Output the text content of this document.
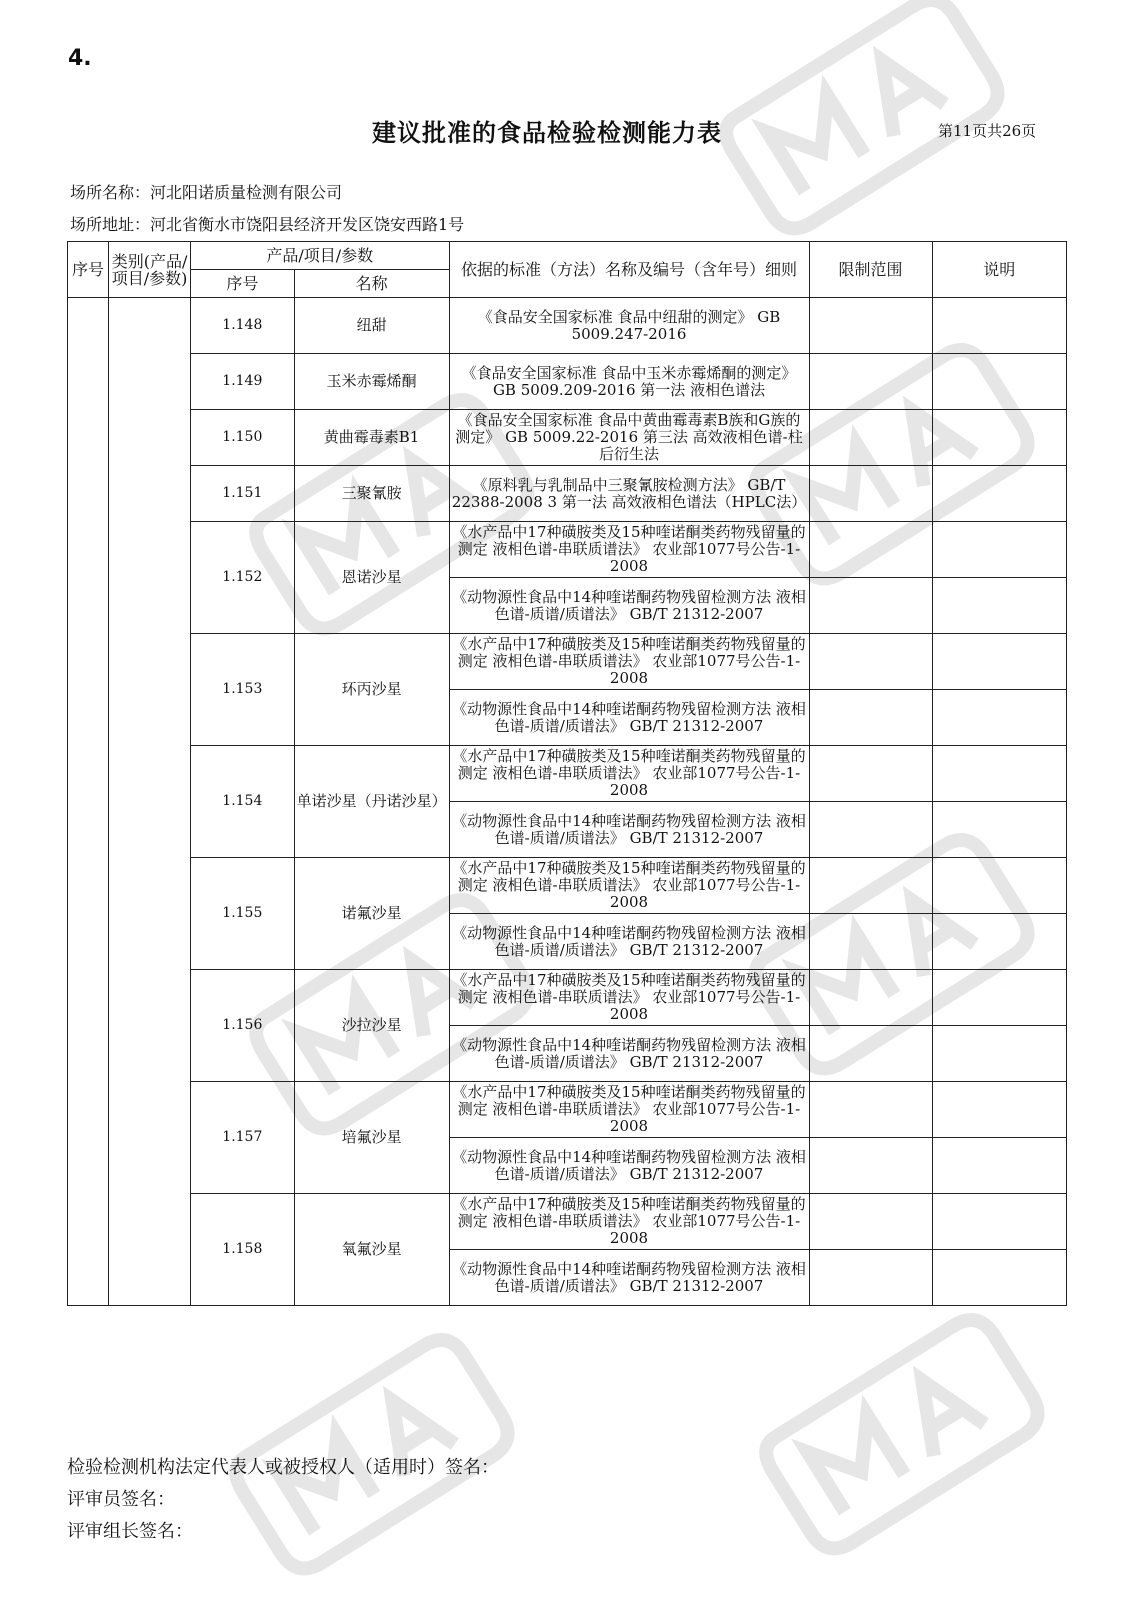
4.
建议批准的食品检验检测能力表	第11页共26页
场所名称：河北阳诺质量检测有限公司
场所地址：河北省衡水市饶阳县经济开发区饶安西路1号
序号	类别(产品/项目/参数)	产品/项目/参数		依据的标准（方法）名称及编号（含年号）细则	限制范围	说明
		序号	名称			
		1.148	纽甜	《食品安全国家标准 食品中纽甜的测定》 GB 5009.247-2016		
		1.149	玉米赤霉烯酮	《食品安全国家标准 食品中玉米赤霉烯酮的测定》 GB 5009.209-2016 第一法 液相色谱法		
		1.150	黄曲霉毒素B1	《食品安全国家标准 食品中黄曲霉毒素B族和G族的测定》 GB 5009.22-2016 第三法 高效液相色谱-柱后衍生法		
		1.151	三聚氰胺	《原料乳与乳制品中三聚氰胺检测方法》 GB/T 22388-2008 3 第一法 高效液相色谱法（HPLC法）		
		1.152	恩诺沙星	《水产品中17种磺胺类及15种喹诺酮类药物残留量的测定 液相色谱-串联质谱法》 农业部1077号公告-1-2008		
				《动物源性食品中14种喹诺酮药物残留检测方法 液相色谱-质谱/质谱法》 GB/T 21312-2007		
		1.153	环丙沙星	《水产品中17种磺胺类及15种喹诺酮类药物残留量的测定 液相色谱-串联质谱法》 农业部1077号公告-1-2008		
				《动物源性食品中14种喹诺酮药物残留检测方法 液相色谱-质谱/质谱法》 GB/T 21312-2007		
		1.154	单诺沙星（丹诺沙星）	《水产品中17种磺胺类及15种喹诺酮类药物残留量的测定 液相色谱-串联质谱法》 农业部1077号公告-1-2008		
				《动物源性食品中14种喹诺酮药物残留检测方法 液相色谱-质谱/质谱法》 GB/T 21312-2007		
		1.155	诺氟沙星	《水产品中17种磺胺类及15种喹诺酮类药物残留量的测定 液相色谱-串联质谱法》 农业部1077号公告-1-2008		
				《动物源性食品中14种喹诺酮药物残留检测方法 液相色谱-质谱/质谱法》 GB/T 21312-2007		
		1.156	沙拉沙星	《水产品中17种磺胺类及15种喹诺酮类药物残留量的测定 液相色谱-串联质谱法》 农业部1077号公告-1-2008		
				《动物源性食品中14种喹诺酮药物残留检测方法 液相色谱-质谱/质谱法》 GB/T 21312-2007		
		1.157	培氟沙星	《水产品中17种磺胺类及15种喹诺酮类药物残留量的测定 液相色谱-串联质谱法》 农业部1077号公告-1-2008		
				《动物源性食品中14种喹诺酮药物残留检测方法 液相色谱-质谱/质谱法》 GB/T 21312-2007		
		1.158	氧氟沙星	《水产品中17种磺胺类及15种喹诺酮类药物残留量的测定 液相色谱-串联质谱法》 农业部1077号公告-1-2008		
				《动物源性食品中14种喹诺酮药物残留检测方法 液相色谱-质谱/质谱法》 GB/T 21312-2007		
检验检测机构法定代表人或被授权人（适用时）签名：
评审员签名：
评审组长签名：
